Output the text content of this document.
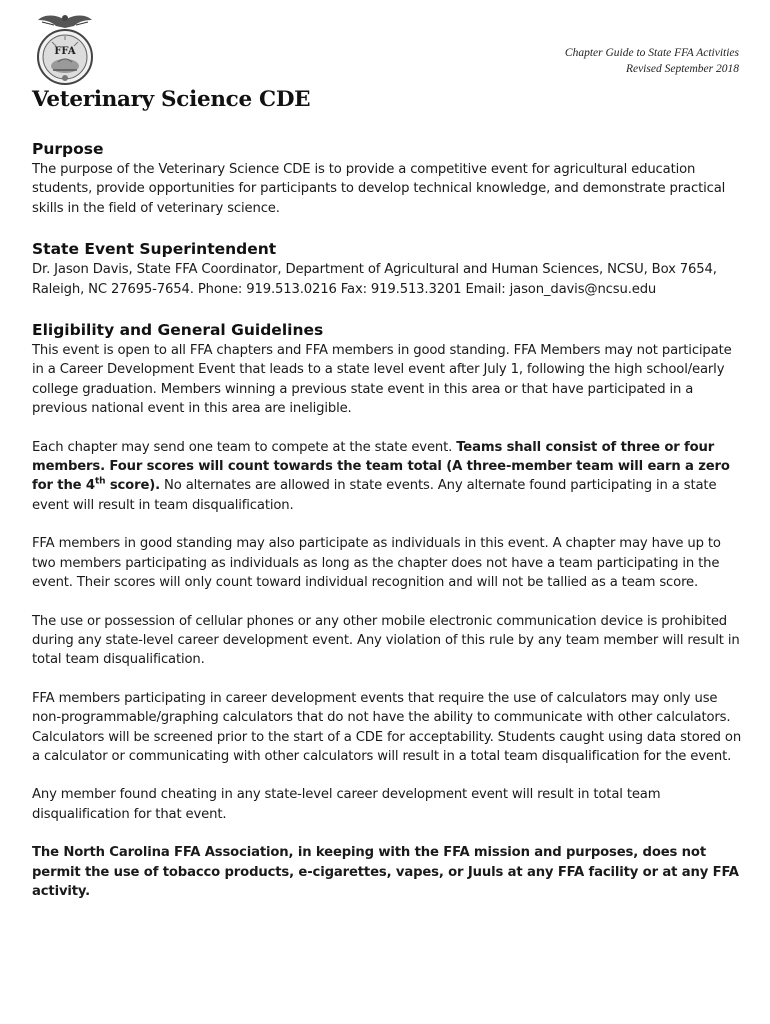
FFA	Chapter Guide to State FFA Activities
Revised September 2018
Veterinary Science CDE
Purpose

The purpose of the Veterinary Science CDE is to provide a competitive event for agricultural education students, provide opportunities for participants to develop technical knowledge, and demonstrate practical skills in the field of veterinary science.

State Event Superintendent

Dr. Jason Davis, State FFA Coordinator, Department of Agricultural and Human Sciences, NCSU, Box 7654, Raleigh, NC 27695-7654. Phone: 919.513.0216 Fax: 919.513.3201 Email: jason_davis@ncsu.edu

Eligibility and General Guidelines

This event is open to all FFA chapters and FFA members in good standing. FFA Members may not participate in a Career Development Event that leads to a state level event after July 1, following the high school/early college graduation. Members winning a previous state event in this area or that have participated in a previous national event in this area are ineligible.

Each chapter may send one team to compete at the state event. Teams shall consist of three or four members. Four scores will count towards the team total (A three-member team will earn a zero for the 4th score). No alternates are allowed in state events. Any alternate found participating in a state event will result in team disqualification.

FFA members in good standing may also participate as individuals in this event. A chapter may have up to two members participating as individuals as long as the chapter does not have a team participating in the event. Their scores will only count toward individual recognition and will not be tallied as a team score.

The use or possession of cellular phones or any other mobile electronic communication device is prohibited during any state-level career development event. Any violation of this rule by any team member will result in total team disqualification.

FFA members participating in career development events that require the use of calculators may only use non-programmable/graphing calculators that do not have the ability to communicate with other calculators. Calculators will be screened prior to the start of a CDE for acceptability. Students caught using data stored on a calculator or communicating with other calculators will result in a total team disqualification for the event.

Any member found cheating in any state-level career development event will result in total team disqualification for that event.

The North Carolina FFA Association, in keeping with the FFA mission and purposes, does not permit the use of tobacco products, e-cigarettes, vapes, or Juuls at any FFA facility or at any FFA activity.
